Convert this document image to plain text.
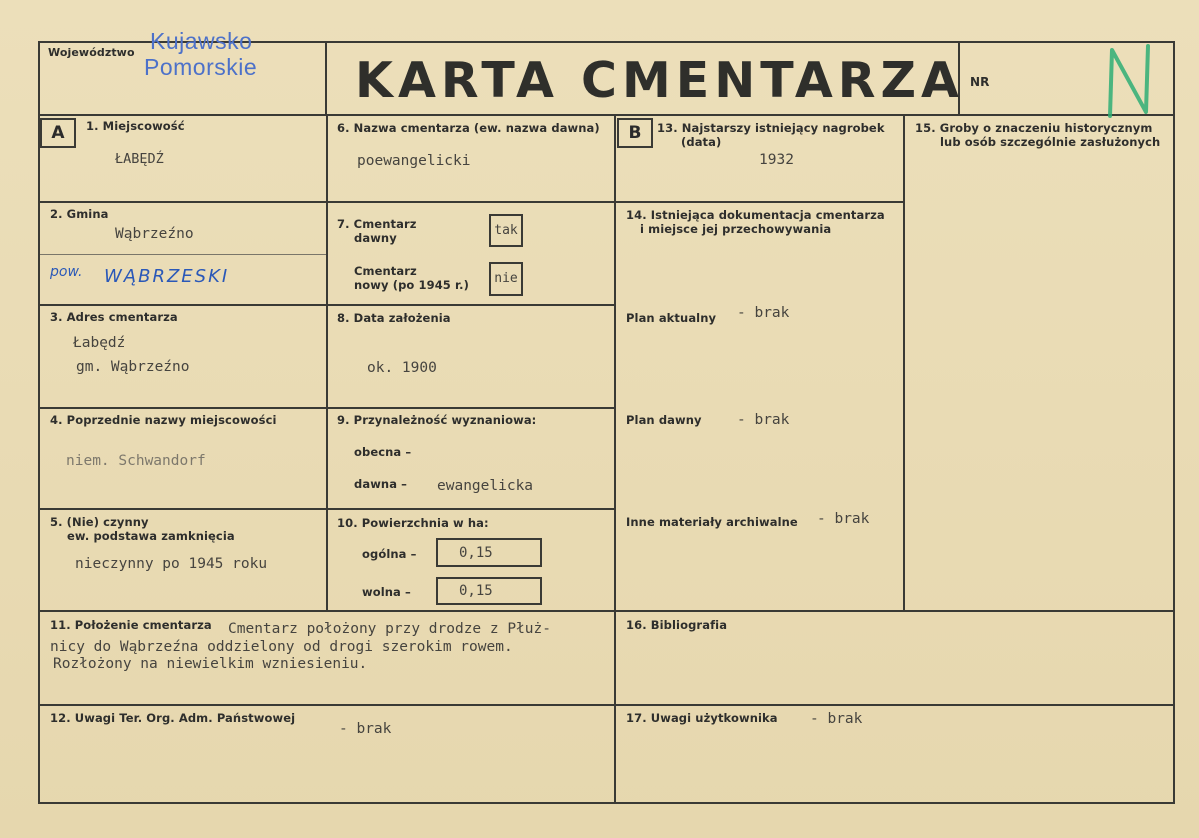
Województwo Kujawsko
Pomorskie KARTA CMENTARZA NR
A	1. Miejscowość
ŁABĘDŹ
2. Gmina
Wąbrzeźno
pow. WĄBRZESKI
3. Adres cmentarza
Łabędź
gm. Wąbrzeźno
4. Poprzednie nazwy miejscowości
niem. Schwandorf
5. (Nie) czynny
ew. podstawa zamknięcia
nieczynny po 1945 roku
6. Nazwa cmentarza (ew. nazwa dawna)
poewangelicki
7. Cmentarz
dawny	tak
Cmentarz
nowy (po 1945 r.)	nie
8. Data założenia
ok. 1900
9. Przynależność wyznaniowa:
obecna –
dawna – ewangelicka
10. Powierzchnia w ha:
ogólna –	0,15
wolna –	0,15
11. Położenie cmentarza Cmentarz położony przy drodze z Płuż-
nicy do Wąbrzeźna oddzielony od drogi szerokim rowem.
Rozłożony na niewielkim wzniesieniu.
12. Uwagi Ter. Org. Adm. Państwowej
- brak
B	13. Najstarszy istniejący nagrobek
(data)
1932
14. Istniejąca dokumentacja cmentarza
i miejsce jej przechowywania
Plan aktualny - brak
Plan dawny - brak
Inne materiały archiwalne - brak
15. Groby o znaczeniu historycznym
lub osób szczególnie zasłużonych
16. Bibliografia
17. Uwagi użytkownika - brak
